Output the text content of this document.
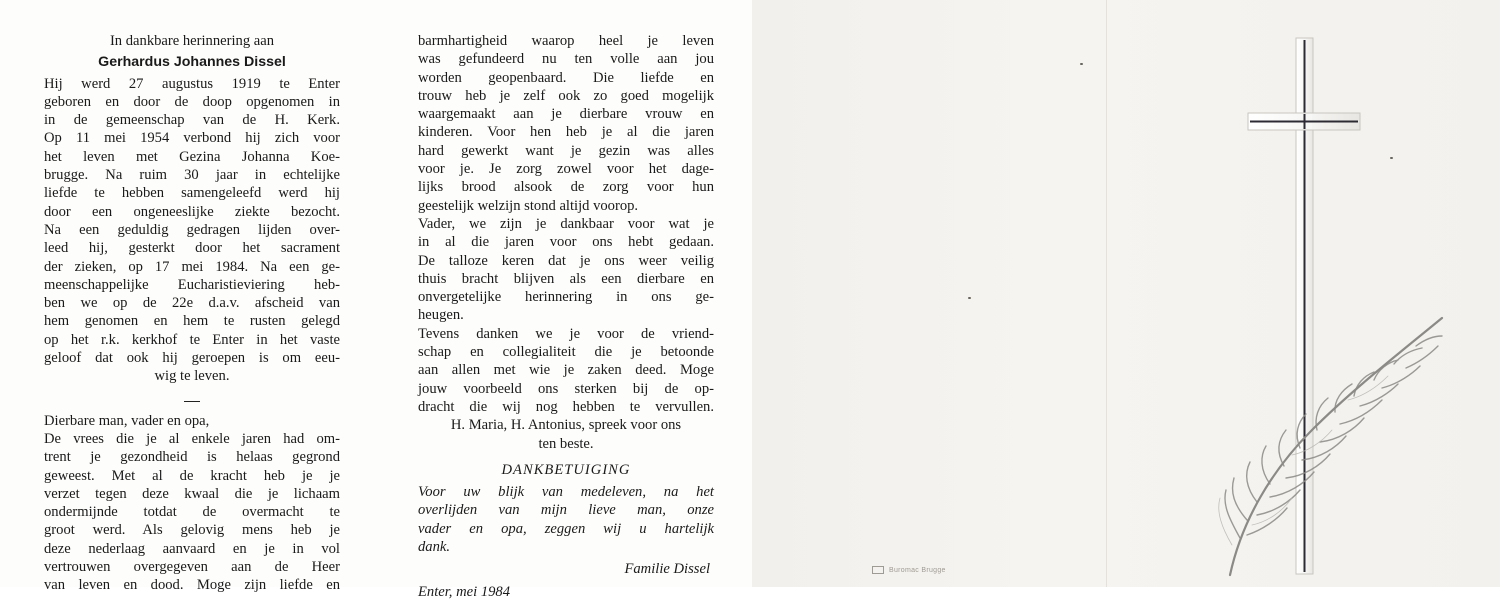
In dankbare herinnering aan
Gerhardus Johannes Dissel
Hij werd 27 augustus 1919 te Enter
geboren en door de doop opgenomen in
in de gemeenschap van de H. Kerk.
Op 11 mei 1954 verbond hij zich voor
het leven met Gezina Johanna Koe-
brugge. Na ruim 30 jaar in echtelijke
liefde te hebben samengeleefd werd hij
door een ongeneeslijke ziekte bezocht.
Na een geduldig gedragen lijden over-
leed hij, gesterkt door het sacrament
der zieken, op 17 mei 1984. Na een ge-
meenschappelijke Eucharistieviering heb-
ben we op de 22e d.a.v. afscheid van
hem genomen en hem te rusten gelegd
op het r.k. kerkhof te Enter in het vaste
geloof dat ook hij geroepen is om eeu-
wig te leven.
Dierbare man, vader en opa,
De vrees die je al enkele jaren had om-
trent je gezondheid is helaas gegrond
geweest. Met al de kracht heb je je
verzet tegen deze kwaal die je lichaam
ondermijnde totdat de overmacht te
groot werd. Als gelovig mens heb je
deze nederlaag aanvaard en je in vol
vertrouwen overgegeven aan de Heer
van leven en dood. Moge zijn liefde en
barmhartigheid waarop heel je leven
was gefundeerd nu ten volle aan jou
worden geopenbaard. Die liefde en
trouw heb je zelf ook zo goed mogelijk
waargemaakt aan je dierbare vrouw en
kinderen. Voor hen heb je al die jaren
hard gewerkt want je gezin was alles
voor je. Je zorg zowel voor het dage-
lijks brood alsook de zorg voor hun
geestelijk welzijn stond altijd voorop.
Vader, we zijn je dankbaar voor wat je
in al die jaren voor ons hebt gedaan.
De talloze keren dat je ons weer veilig
thuis bracht blijven als een dierbare en
onvergetelijke herinnering in ons ge-
heugen.
Tevens danken we je voor de vriend-
schap en collegialiteit die je betoonde
aan allen met wie je zaken deed. Moge
jouw voorbeeld ons sterken bij de op-
dracht die wij nog hebben te vervullen.
H. Maria, H. Antonius, spreek voor ons
ten beste.
DANKBETUIGING
Voor uw blijk van medeleven, na het
overlijden van mijn lieve man, onze
vader en opa, zeggen wij u hartelijk
dank.
Familie Dissel
Enter, mei 1984
Buromac Brugge
